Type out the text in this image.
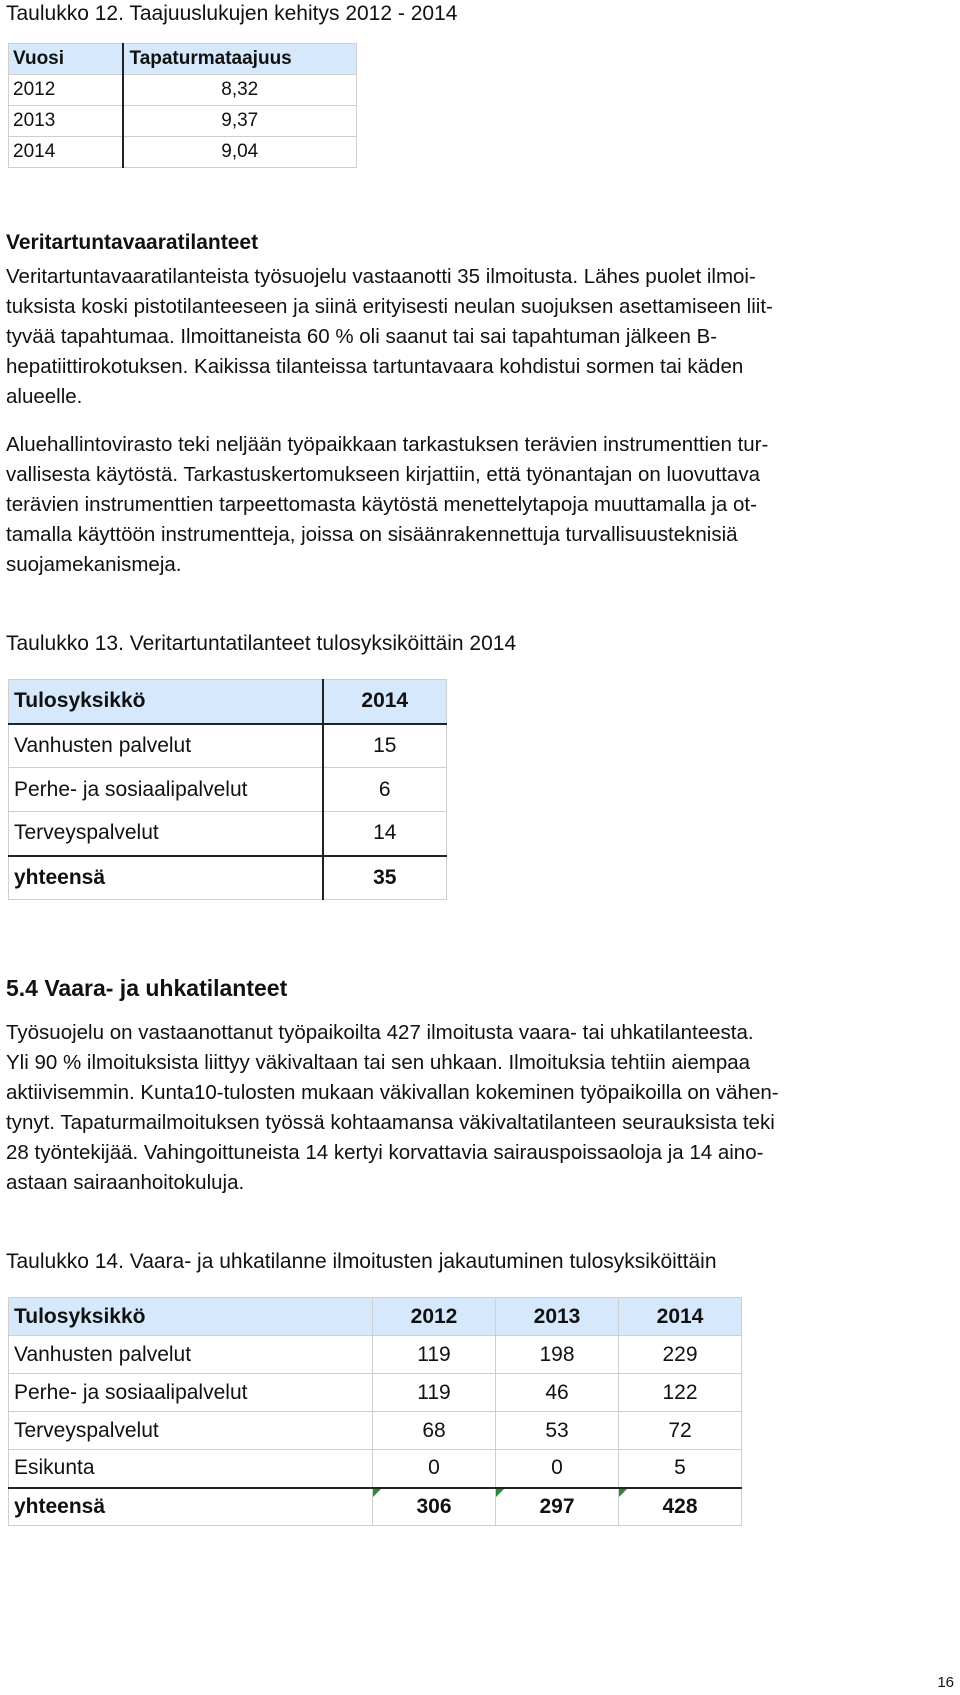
Taulukko 12. Taajuuslukujen kehitys 2012 - 2014
Vuosi	Tapaturmataajuus
2012	8,32
2013	9,37
2014	9,04
Veritartuntavaaratilanteet

Veritartuntavaaratilanteista työsuojelu vastaanotti 35 ilmoitusta. Lähes puolet ilmoi-
tuksista koski pistotilanteeseen ja siinä erityisesti neulan suojuksen asettamiseen liit-
tyvää tapahtumaa. Ilmoittaneista 60 % oli saanut tai sai tapahtuman jälkeen B-
hepatiittirokotuksen. Kaikissa tilanteissa tartuntavaara kohdistui sormen tai käden
alueelle.

Aluehallintovirasto teki neljään työpaikkaan tarkastuksen terävien instrumenttien tur-
vallisesta käytöstä. Tarkastuskertomukseen kirjattiin, että työnantajan on luovuttava
terävien instrumenttien tarpeettomasta käytöstä menettelytapoja muuttamalla ja ot-
tamalla käyttöön instrumentteja, joissa on sisäänrakennettuja turvallisuusteknisiä
suojamekanismeja.

Taulukko 13. Veritartuntatilanteet tulosyksiköittäin 2014
Tulosyksikkö	2014
Vanhusten palvelut	15
Perhe- ja sosiaalipalvelut	6
Terveyspalvelut	14
yhteensä	35
5.4 Vaara- ja uhkatilanteet

Työsuojelu on vastaanottanut työpaikoilta 427 ilmoitusta vaara- tai uhkatilanteesta.
Yli 90 % ilmoituksista liittyy väkivaltaan tai sen uhkaan. Ilmoituksia tehtiin aiempaa
aktiivisemmin. Kunta10-tulosten mukaan väkivallan kokeminen työpaikoilla on vähen-
tynyt. Tapaturmailmoituksen työssä kohtaamansa väkivaltatilanteen seurauksista teki
28 työntekijää. Vahingoittuneista 14 kertyi korvattavia sairauspoissaoloja ja 14 aino-
astaan sairaanhoitokuluja.

Taulukko 14. Vaara- ja uhkatilanne ilmoitusten jakautuminen tulosyksiköittäin
Tulosyksikkö	2012	2013	2014
Vanhusten palvelut	119	198	229
Perhe- ja sosiaalipalvelut	119	46	122
Terveyspalvelut	68	53	72
Esikunta	0	0	5
yhteensä	306	297	428
16
